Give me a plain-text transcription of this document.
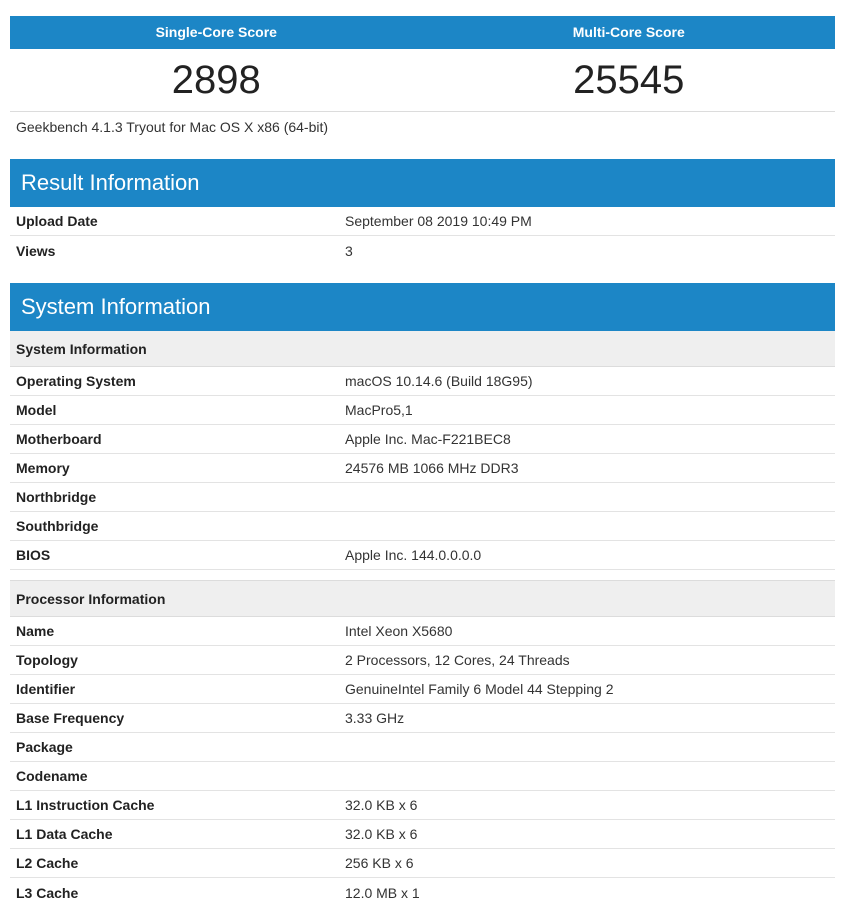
Single-Core Score	Multi-Core Score
2898	25545
Geekbench 4.1.3 Tryout for Mac OS X x86 (64-bit)
Result Information
Upload Date	September 08 2019 10:49 PM
Views	3
System Information
System Information
Operating System	macOS 10.14.6 (Build 18G95)
Model	MacPro5,1
Motherboard	Apple Inc. Mac-F221BEC8
Memory	24576 MB 1066 MHz DDR3
Northbridge
Southbridge
BIOS	Apple Inc. 144.0.0.0.0
Processor Information
Name	Intel Xeon X5680
Topology	2 Processors, 12 Cores, 24 Threads
Identifier	GenuineIntel Family 6 Model 44 Stepping 2
Base Frequency	3.33 GHz
Package
Codename
L1 Instruction Cache	32.0 KB x 6
L1 Data Cache	32.0 KB x 6
L2 Cache	256 KB x 6
L3 Cache	12.0 MB x 1
